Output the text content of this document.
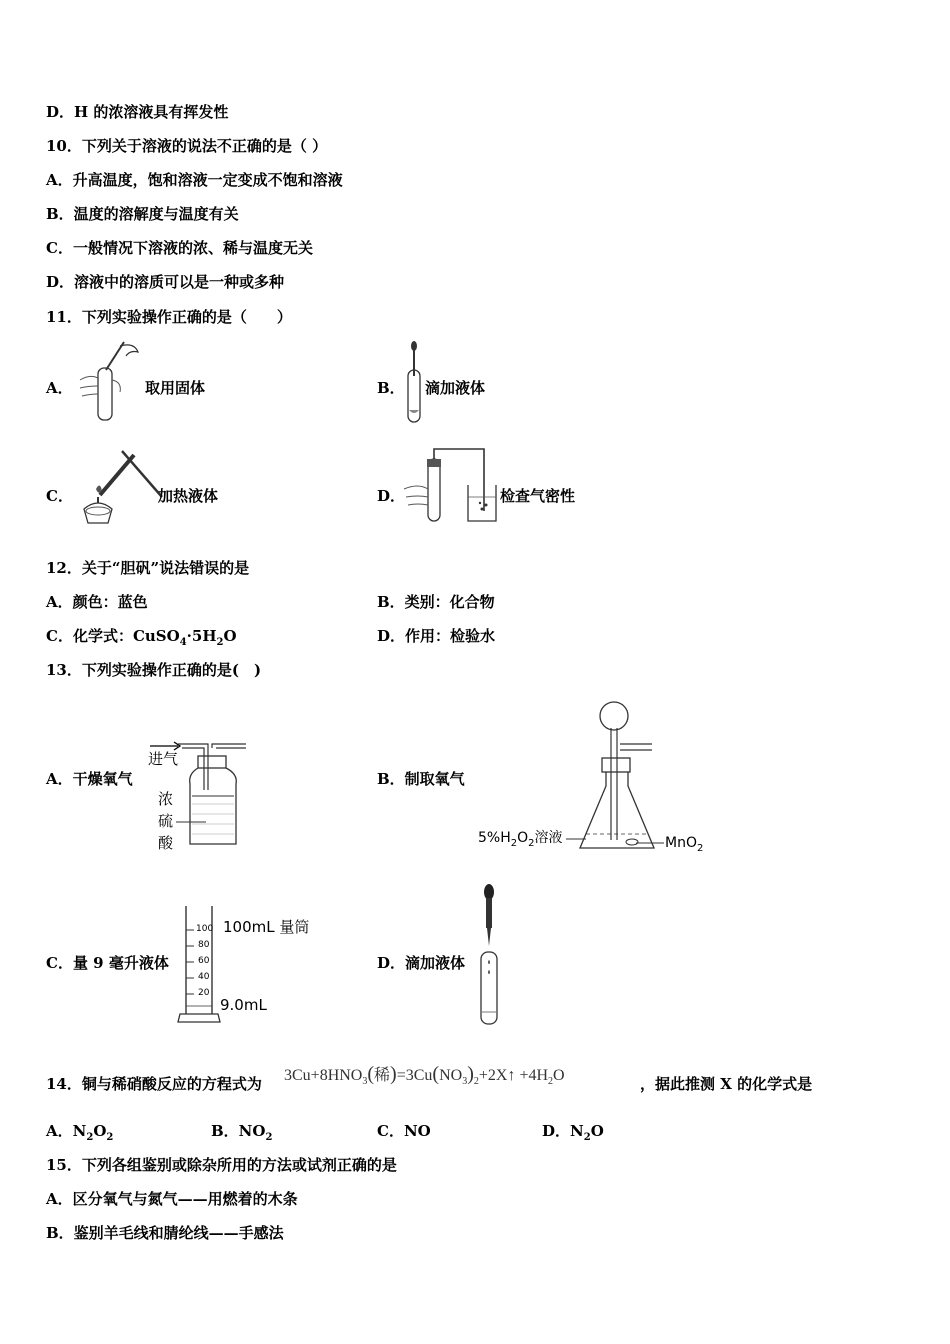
D．H 的浓溶液具有挥发性
10．下列关于溶液的说法不正确的是（ ）
A．升高温度，饱和溶液一定变成不饱和溶液
B．温度的溶解度与温度有关
C．一般情况下溶液的浓、稀与温度无关
D．溶液中的溶质可以是一种或多种
11．下列实验操作正确的是（　　）
A．	取用固体	B． 滴加液体
C．	加热液体	D．	检查气密性
12．关于“胆矾”说法错误的是
A．颜色：蓝色	B．类别：化合物
C．化学式：$CuSO_4\cdot 5H_2O$	D．作用：检验水
13．下列实验操作正确的是(　)
A．干燥氧气
进气
浓
硫
酸
B．制取氧气
$5\%H_2O_2$溶液	MnO$_2$
C．量 9 毫升液体
100
80
60
40
20
100mL 量筒
9.0mL
D．滴加液体
14．铜与稀硝酸反应的方程式为 $3Cu+8HNO_3$(稀)$=3Cu(NO_3)_2+2X↑ +4H_2O$	，据此推测 X 的化学式是
A．$N_2O_2$	B．$NO_2$	C．NO	D．$N_2O$
15．下列各组鉴别或除杂所用的方法或试剂正确的是
A．区分氧气与氮气——用燃着的木条
B．鉴别羊毛线和腈纶线——手感法
